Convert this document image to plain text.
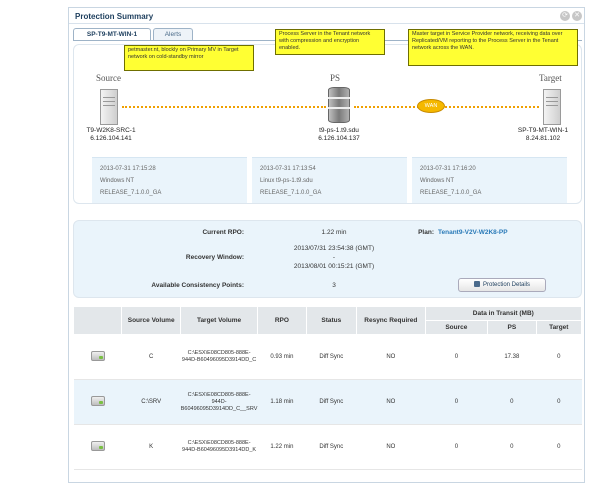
Protection Summary	⟳ ✕
SP-T9-MT-WIN-1	Alerts
Source	PS	Target
WAN
T9-W2K8-SRC-1
6.126.104.141
t9-ps-1.t9.sdu
6.126.104.137
SP-T9-MT-WIN-1
8.24.81.102
2013-07-31 17:15:28
Windows NT
RELEASE_7.1.0.0_GA
2013-07-31 17:13:54
Linux t9-ps-1.t9.sdu
RELEASE_7.1.0.0_GA
2013-07-31 17:16:20
Windows NT
RELEASE_7.1.0.0_GA
petmaster.nt, blockly on Primary MV in Target network on cold-standby mirror
Process Server in the Tenant network with compression and encryption enabled.
Master target in Service Provider network, receiving data over Replicated/VM reporting to the Process Server in the Tenant network across the WAN.
Current RPO:	1.22 min	Plan: Tenant9-V2V-W2K8-PP
Recovery Window:
2013/07/31 23:54:38 (GMT)
-
2013/08/01 00:15:21 (GMT)
Available Consistency Points:	3	Protection Details
	Source Volume	Target Volume	RPO	Status	Resync Required	Data in Transit (MB)		
						Source	PS	Target
	C	C:\ESX\E08CD805-888E-944D-B60496095D3914DD_C	0.93 min	Diff Sync	NO	0	17.38	0
	C:\SRV	C:\ESX\E08CD805-888E-944D-B60496095D3914DD_C__SRV	1.18 min	Diff Sync	NO	0	0	0
	K	C:\ESX\E08CD805-888E-944D-B60496095D3914DD_K	1.22 min	Diff Sync	NO	0	0	0
